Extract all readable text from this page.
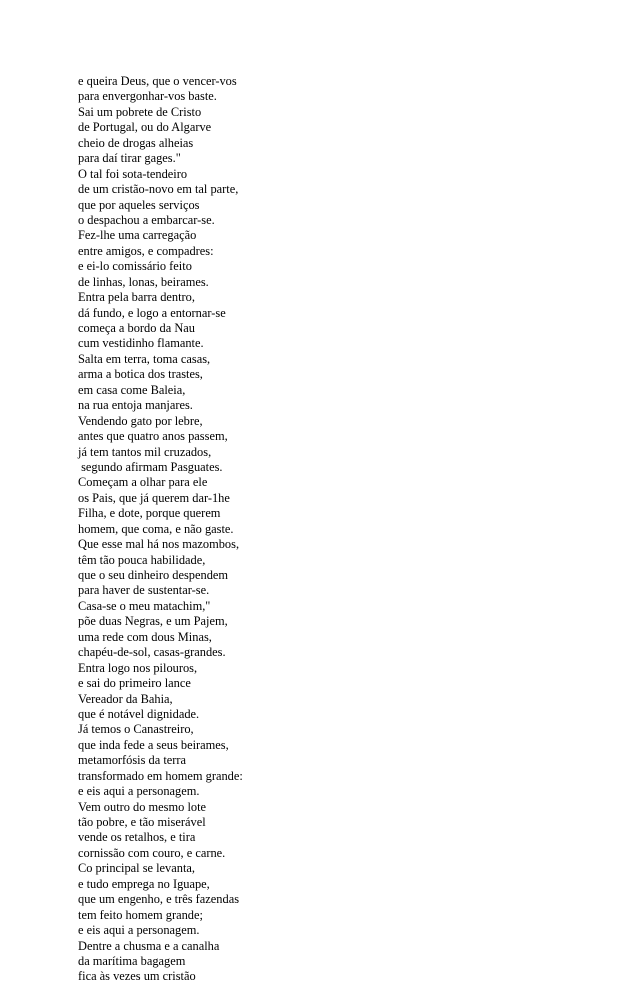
e queira Deus, que o vencer-vos
para envergonhar-vos baste.
Sai um pobrete de Cristo
de Portugal, ou do Algarve
cheio de drogas alheias
para daí tirar gages."
O tal foi sota-tendeiro
de um cristão-novo em tal parte,
que por aqueles serviços
o despachou a embarcar-se.
Fez-lhe uma carregação
entre amigos, e compadres:
e ei-lo comissário feito
de linhas, lonas, beirames.
Entra pela barra dentro,
dá fundo, e logo a entornar-se
começa a bordo da Nau
cum vestidinho flamante.
Salta em terra, toma casas,
arma a botica dos trastes,
em casa come Baleia,
na rua entoja manjares.
Vendendo gato por lebre,
antes que quatro anos passem,
já tem tantos mil cruzados,
segundo afirmam Pasguates.
Começam a olhar para ele
os Pais, que já querem dar-1he
Filha, e dote, porque querem
homem, que coma, e não gaste.
Que esse mal há nos mazombos,
têm tão pouca habilidade,
que o seu dinheiro despendem
para haver de sustentar-se.
Casa-se o meu matachim,"
põe duas Negras, e um Pajem,
uma rede com dous Minas,
chapéu-de-sol, casas-grandes.
Entra logo nos pilouros,
e sai do primeiro lance
Vereador da Bahia,
que é notável dignidade.
Já temos o Canastreiro,
que inda fede a seus beirames,
metamorfósis da terra
transformado em homem grande:
e eis aqui a personagem.
Vem outro do mesmo lote
tão pobre, e tão miserável
vende os retalhos, e tira
cornissão com couro, e carne.
Co principal se levanta,
e tudo emprega no Iguape,
que um engenho, e três fazendas
tem feito homem grande;
e eis aqui a personagem.
Dentre a chusma e a canalha
da marítima bagagem
fica às vezes um cristão
